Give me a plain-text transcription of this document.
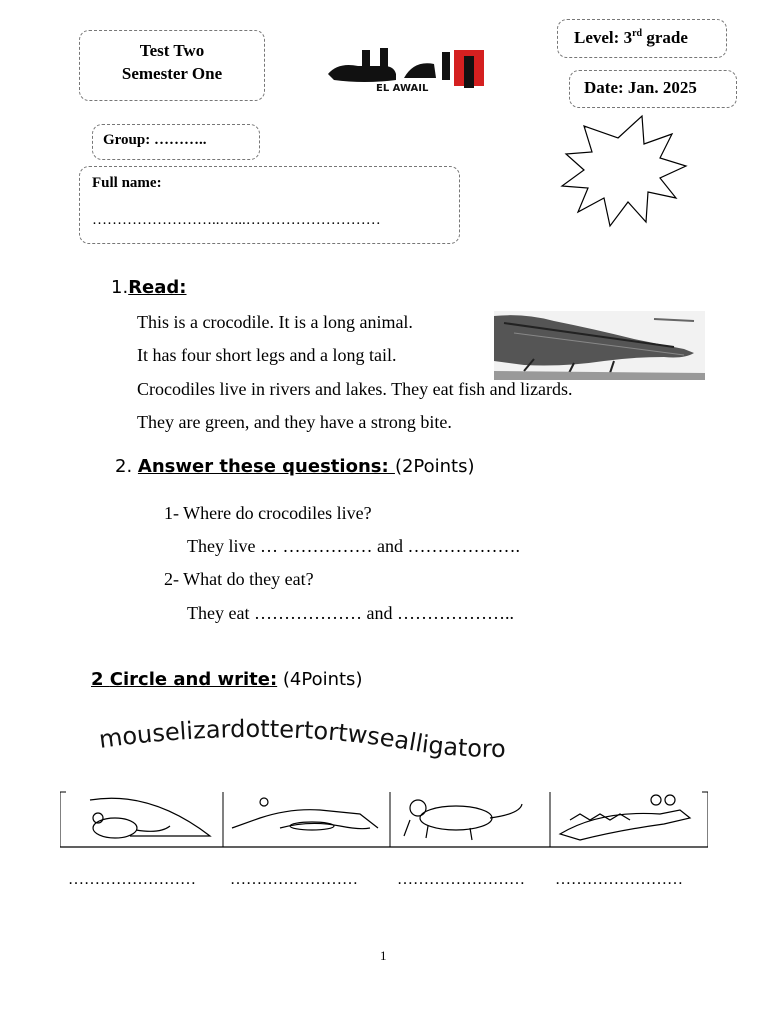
Test Two
Semester One
EL AWAIL
Level: 3rd grade
Date: Jan. 2025
Group: ………..
Full name:
……………………..…...………………………
1.Read:
This is a crocodile. It is a long animal.
It has four short legs and a long tail.
Crocodiles live in rivers and lakes. They eat fish and lizards.
They are green, and they have a strong bite.
2. Answer these questions: (2Points)
1- Where do crocodiles live?
They live … …………… and ……………….
2- What do they eat?
They eat ……………… and ………………..
2 Circle and write: (4Points)
mouselizardottertortwsealligatoro
…………………… …………………… …………………… ……………………
1
